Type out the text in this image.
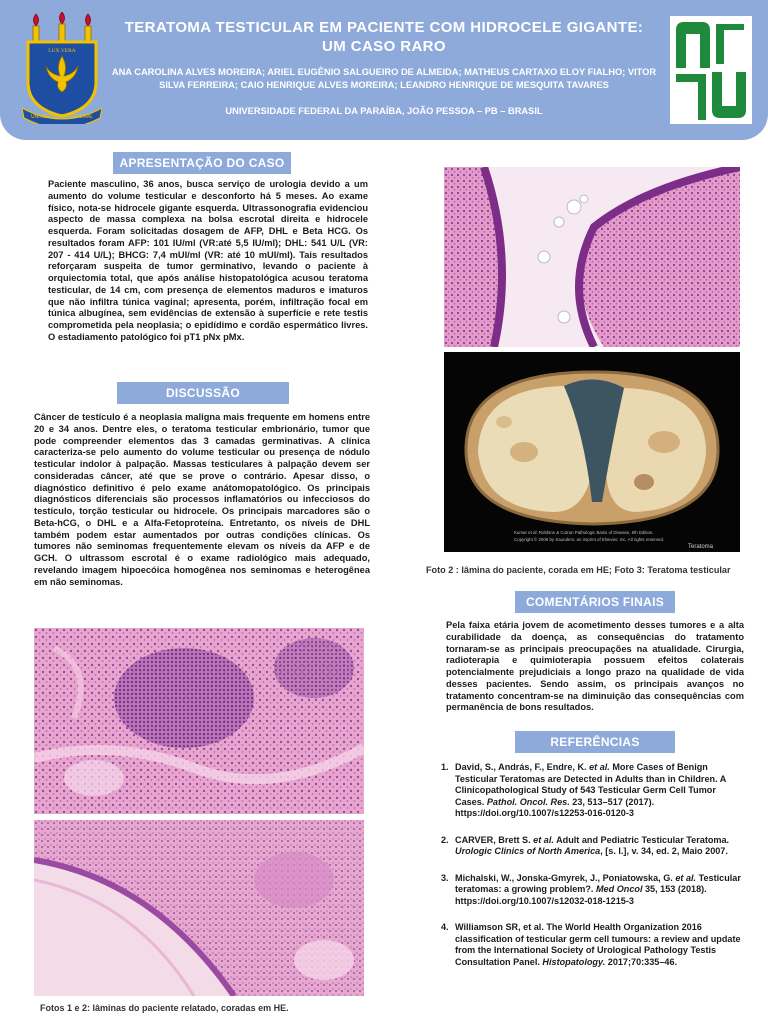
UNIVERSIDADE FEDERAL
LUX VERA
TERATOMA TESTICULAR EM PACIENTE COM HIDROCELE GIGANTE:
UM CASO RARO
ANA CAROLINA ALVES MOREIRA; ARIEL EUGÊNIO SALGUEIRO DE ALMEIDA; MATHEUS CARTAXO ELOY FIALHO; VITOR SILVA FERREIRA; CAIO HENRIQUE ALVES MOREIRA; LEANDRO HENRIQUE DE MESQUITA TAVARES
UNIVERSIDADE FEDERAL DA PARAÍBA, JOÃO PESSOA – PB – BRASIL
APRESENTAÇÃO DO CASO
Paciente masculino, 36 anos, busca serviço de urologia devido a um aumento do volume testicular e desconforto há 5 meses. Ao exame físico, nota-se hidrocele gigante esquerda. Ultrassonografia evidenciou aspecto de massa complexa na bolsa escrotal direita e hidrocele esquerda. Foram solicitadas dosagem de AFP, DHL e Beta HCG. Os resultados foram AFP: 101 IU/ml (VR:até 5,5 IU/ml); DHL: 541 U/L (VR: 207 - 414 U/L); BHCG: 7,4 mUI/ml (VR: até 10 mUI/ml). Tais resultados reforçaram suspeita de tumor germinativo, levando o paciente à orquiectomia total, que após análise histopatológica acusou teratoma testicular, de 14 cm, com presença de elementos maduros e imaturos que não infiltra túnica vaginal; apresenta, porém, infiltração focal em túnica albugínea, sem evidências de extensão à superfície e rete testis comprometida pela neoplasia; o epidídimo e cordão espermático livres. O estadiamento patológico foi pT1 pNx pMx.
DISCUSSÃO
Câncer de testículo é a neoplasia maligna mais frequente em homens entre 20 e 34 anos. Dentre eles, o teratoma testicular embrionário, tumor que pode compreender elementos das 3 camadas germinativas. A clínica caracteriza-se pelo aumento do volume testicular ou presença de nódulo testicular indolor à palpação. Massas testiculares à palpação devem ser consideradas câncer, até que se prove o contrário. Apesar disso, o diagnóstico definitivo é pelo exame anátomopatológico. Os principais diagnósticos diferenciais são processos inflamatórios ou infecciosos do testículo, torção testicular ou hidrocele. Os principais marcadores são o Beta-hCG, o DHL e a Alfa-Fetoproteína. Entretanto, os níveis de DHL também podem estar aumentados por outras condições clínicas. Os tumores não seminomas frequentemente elevam os níveis da AFP e de GCH. O ultrassom escrotal é o exame radiológico mais adequado, revelando imagem hipoecóica homogênea nos seminomas e heterogênea em não seminomas.
Fotos 1 e 2: lâminas do paciente relatado, coradas em HE.
Kumar et al: Robbins & Cotran Pathologic Basis of Disease, 8th Edition.
Copyright © 2009 by Saunders, an imprint of Elsevier, Inc. All rights reserved.
Teratoma
Foto 2 : lâmina do paciente, corada em HE; Foto 3: Teratoma testicular
COMENTÁRIOS FINAIS
Pela faixa etária jovem de acometimento desses tumores e a alta curabilidade da doença, as consequências do tratamento tornaram-se as principais preocupações na atualidade. Cirurgia, radioterapia e quimioterapia possuem efeitos colaterais potencialmente prejudiciais a longo prazo na qualidade de vida desses pacientes. Sendo assim, os principais avanços no tratamento concentram-se na diminuição das consequências com permanência de bons resultados.
REFERÊNCIAS
1. David, S., András, F., Endre, K. et al. More Cases of Benign Testicular Teratomas are Detected in Adults than in Children. A Clinicopathological Study of 543 Testicular Germ Cell Tumor Cases. Pathol. Oncol. Res. 23, 513–517 (2017). https://doi.org/10.1007/s12253-016-0120-3
2. CARVER, Brett S. et al. Adult and Pediatric Testicular Teratoma. Urologic Clinics of North America, [s. l.], v. 34, ed. 2, Maio 2007.
3. Michalski, W., Jonska-Gmyrek, J., Poniatowska, G. et al. Testicular teratomas: a growing problem?. Med Oncol 35, 153 (2018). https://doi.org/10.1007/s12032-018-1215-3
4. Williamson SR, et al. The World Health Organization 2016 classification of testicular germ cell tumours: a review and update from the International Society of Urological Pathology Testis Consultation Panel. Histopatology. 2017;70:335–46.
